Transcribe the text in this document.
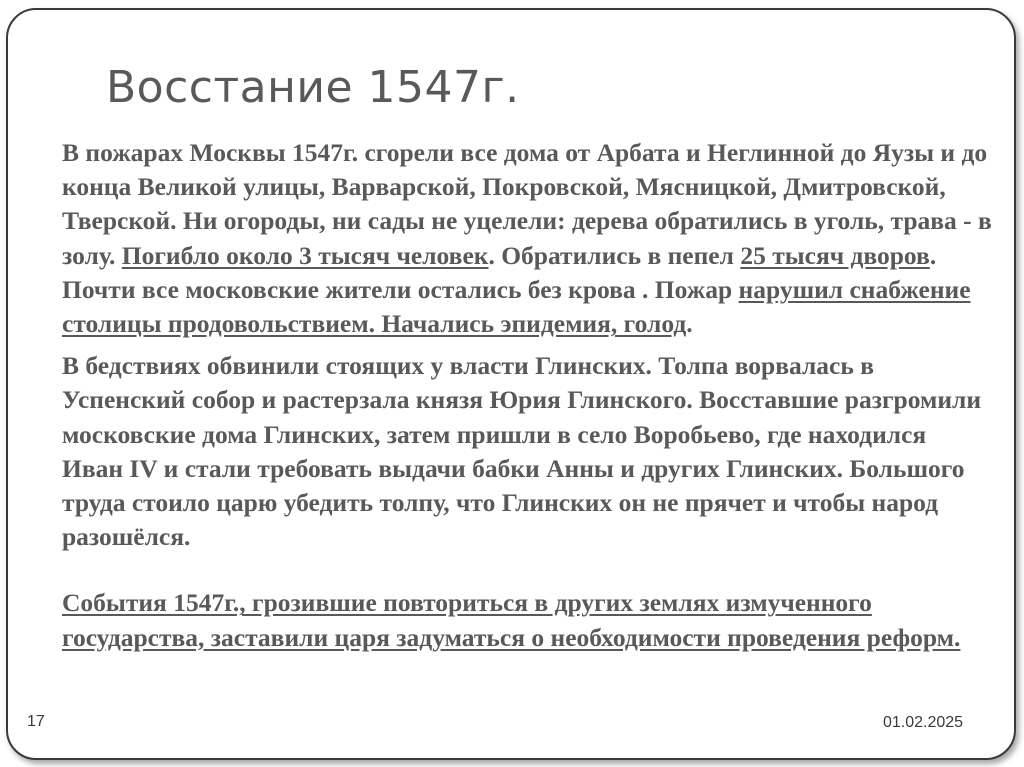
Восстание 1547г.

В пожарах Москвы 1547г. сгорели все дома от Арбата и Неглинной до Яузы и до конца Великой улицы, Варварской, Покровской, Мясницкой, Дмитровской, Тверской. Ни огороды, ни сады не уцелели: дерева обратились в уголь, трава - в золу. Погибло около 3 тысяч человек. Обратились в пепел 25 тысяч дворов. Почти все московские жители остались без крова . Пожар нарушил снабжение столицы продовольствием. Начались эпидемия, голод.

В бедствиях обвинили стоящих у власти Глинских. Толпа ворвалась в Успенский собор и растерзала князя Юрия Глинского. Восставшие разгромили московские дома Глинских, затем пришли в село Воробьево, где находился Иван IV и стали требовать выдачи бабки Анны и других Глинских. Большого труда стоило царю убедить толпу, что Глинских он не прячет и чтобы народ разошёлся.

События 1547г., грозившие повториться в других землях измученного государства, заставили царя задуматься о необходимости проведения реформ.

17	01.02.2025
